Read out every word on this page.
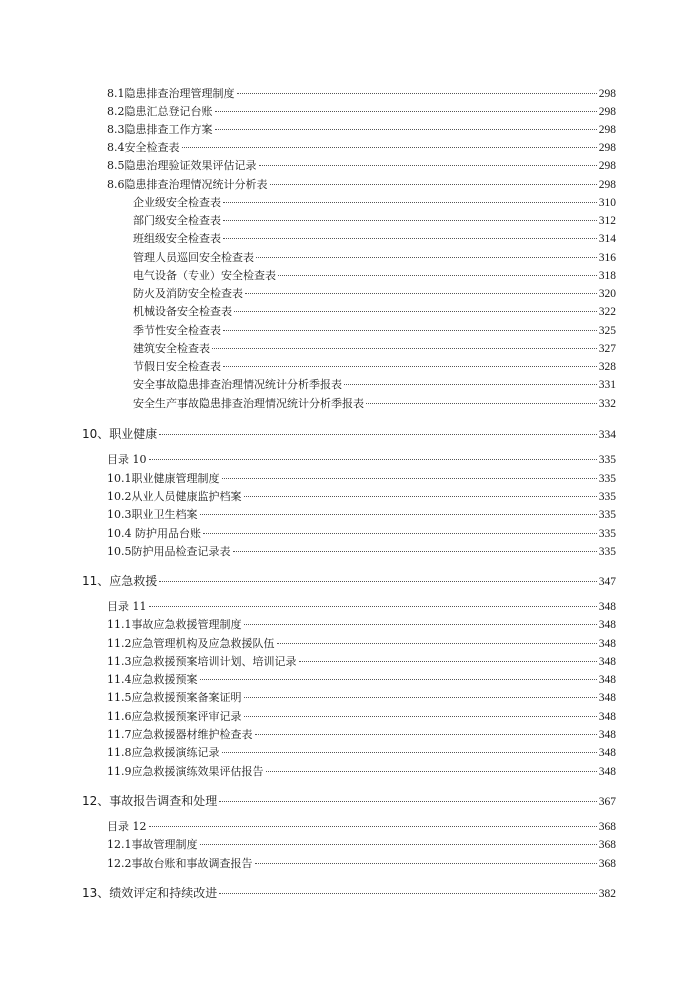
8.1隐患排查治理管理制度	298
8.2隐患汇总登记台账	298
8.3隐患排查工作方案	298
8.4安全检查表	298
8.5隐患治理验证效果评估记录	298
8.6隐患排查治理情况统计分析表	298
企业级安全检查表	310
部门级安全检查表	312
班组级安全检查表	314
管理人员巡回安全检查表	316
电气设备（专业）安全检查表	318
防火及消防安全检查表	320
机械设备安全检查表	322
季节性安全检查表	325
建筑安全检查表	327
节假日安全检查表	328
安全事故隐患排查治理情况统计分析季报表	331
安全生产事故隐患排查治理情况统计分析季报表	332
10、职业健康	334
目录 10	335
10.1职业健康管理制度	335
10.2从业人员健康监护档案	335
10.3职业卫生档案	335
10.4 防护用品台账	335
10.5防护用品检查记录表	335
11、应急救援	347
目录 11	348
11.1事故应急救援管理制度	348
11.2应急管理机构及应急救援队伍	348
11.3应急救援预案培训计划、培训记录	348
11.4应急救援预案	348
11.5应急救援预案备案证明	348
11.6应急救援预案评审记录	348
11.7应急救援器材维护检查表	348
11.8应急救援演练记录	348
11.9应急救援演练效果评估报告	348
12、事故报告调查和处理	367
目录 12	368
12.1事故管理制度	368
12.2事故台账和事故调查报告	368
13、绩效评定和持续改进	382
